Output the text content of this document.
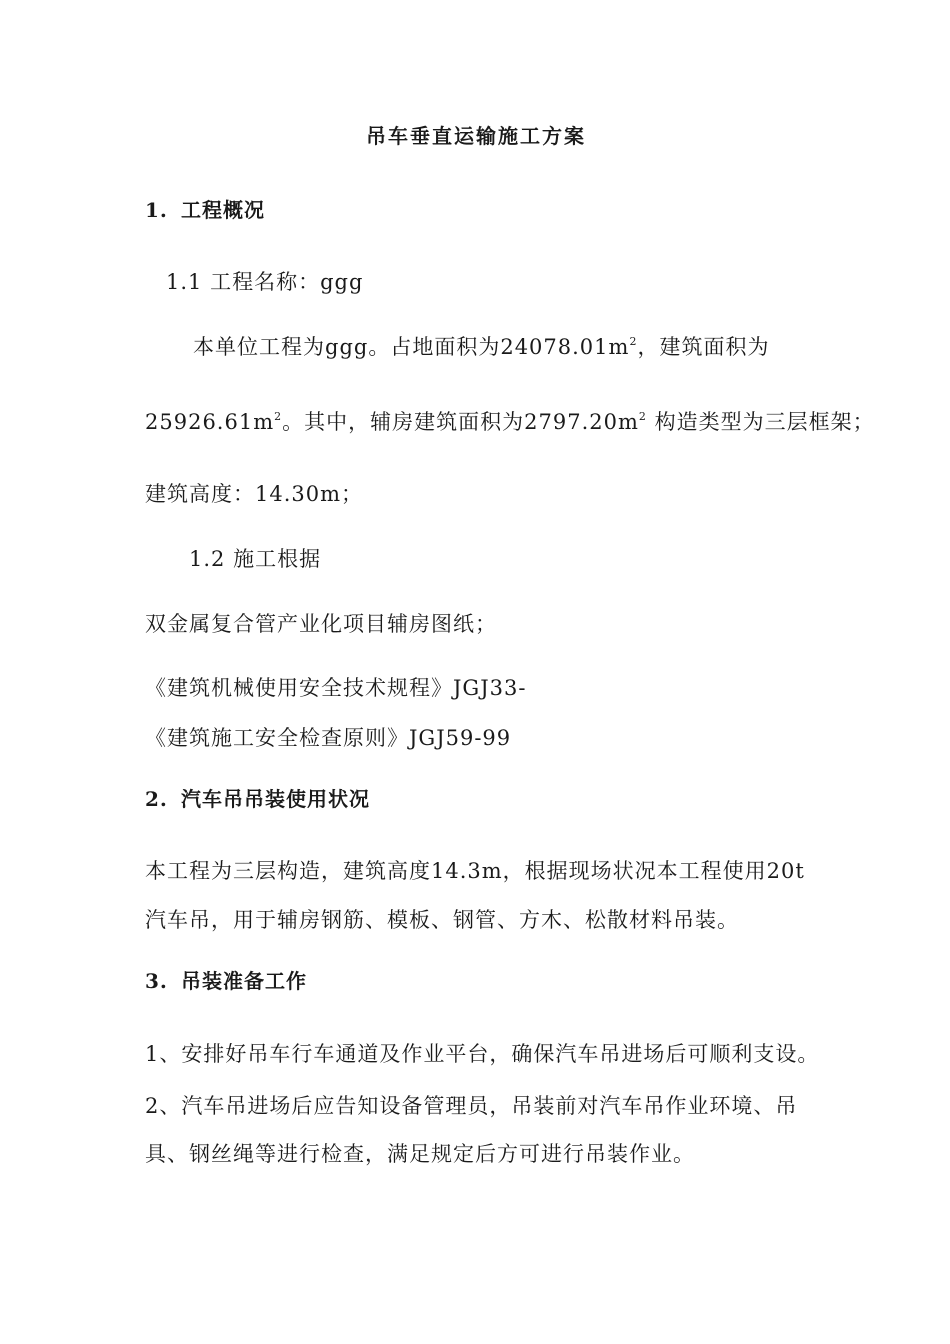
吊车垂直运输施工方案
1. 工程概况
1.1 工程名称：ggg
本单位工程为ggg。占地面积为$24078.01m^2$，建筑面积为
$25926.61m^2$。其中，辅房建筑面积为$2797.20m^2$ 构造类型为三层框架；
建筑高度：14.30m；
1.2 施工根据
双金属复合管产业化项目辅房图纸；
《建筑机械使用安全技术规程》JGJ33-
《建筑施工安全检查原则》JGJ59-99
2. 汽车吊吊装使用状况
本工程为三层构造，建筑高度14.3m，根据现场状况本工程使用20t
汽车吊，用于辅房钢筋、模板、钢管、方木、松散材料吊装。
3. 吊装准备工作
1、安排好吊车行车通道及作业平台，确保汽车吊进场后可顺利支设。
2、汽车吊进场后应告知设备管理员，吊装前对汽车吊作业环境、吊
具、钢丝绳等进行检查，满足规定后方可进行吊装作业。
